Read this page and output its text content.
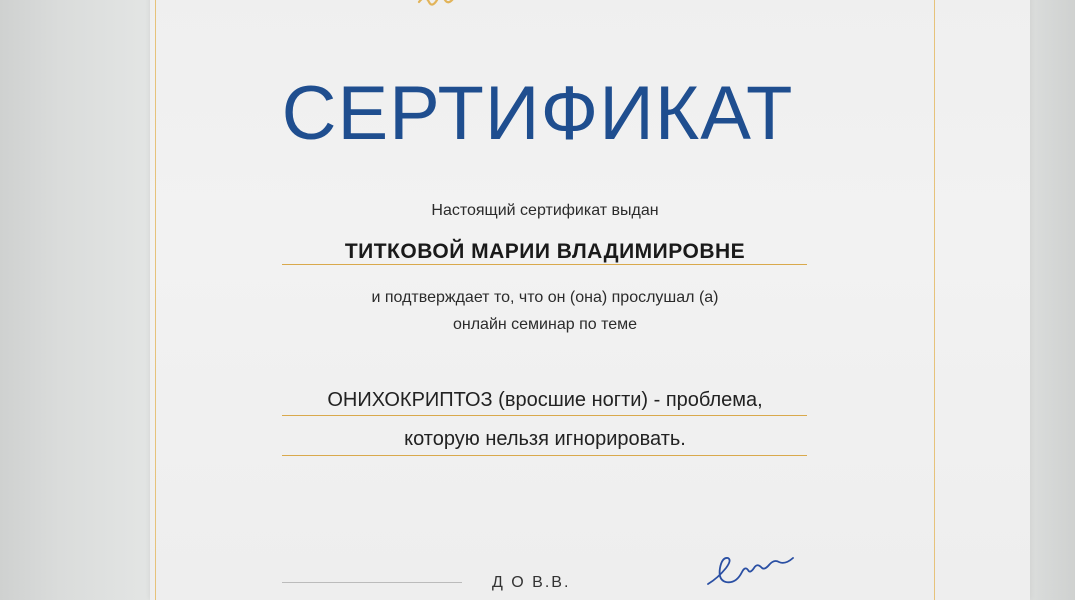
СЕРТИФИКАТ
Настоящий сертификат выдан
ТИТКОВОЙ МАРИИ ВЛАДИМИРОВНЕ
и подтверждает то, что он (она) прослушал (а)
онлайн семинар по теме
ОНИХОКРИПТОЗ (вросшие ногти) - проблема,
которую нельзя игнорировать.
Д О В.В.
